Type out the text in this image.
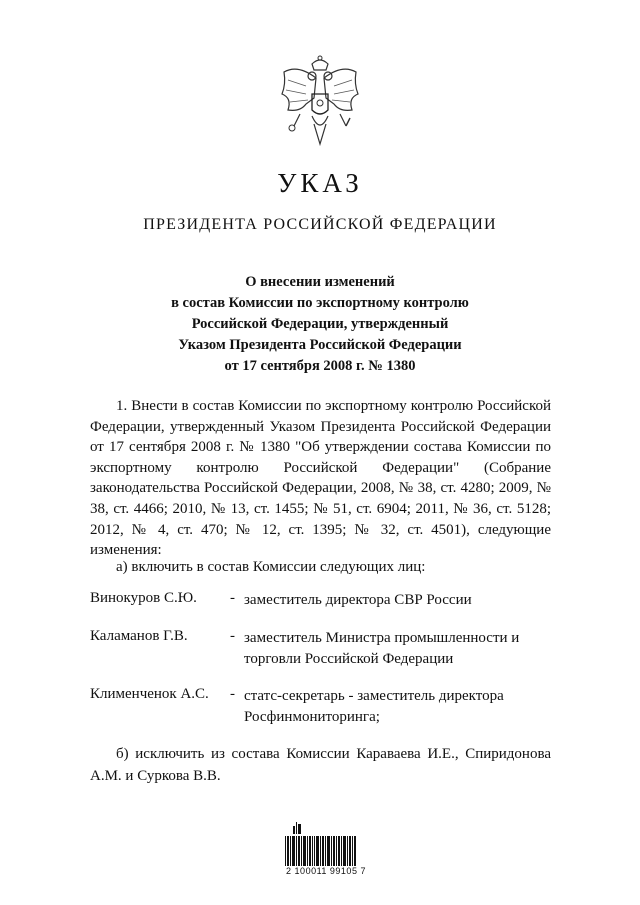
УКАЗ
ПРЕЗИДЕНТА РОССИЙСКОЙ ФЕДЕРАЦИИ
О внесении изменений
в состав Комиссии по экспортному контролю
Российской Федерации, утвержденный
Указом Президента Российской Федерации
от 17 сентября 2008 г. № 1380
1. Внести в состав Комиссии по экспортному контролю Российской Федерации, утвержденный Указом Президента Российской Федерации от 17 сентября 2008 г. № 1380 "Об утверждении состава Комиссии по экспортному контролю Российской Федерации" (Собрание законодательства Российской Федерации, 2008, № 38, ст. 4280; 2009, № 38, ст. 4466; 2010, № 13, ст. 1455; № 51, ст. 6904; 2011, № 36, ст. 5128; 2012, № 4, ст. 470; № 12, ст. 1395; № 32, ст. 4501), следующие изменения:
а) включить в состав Комиссии следующих лиц:
Винокуров С.Ю. - заместитель директора СВР России
Каламанов Г.В.	- заместитель Министра промышленности и торговли Российской Федерации
Клименченок А.С. - статс-секретарь - заместитель директора Росфинмониторинга;
б) исключить из состава Комиссии Караваева И.Е., Спиридонова А.М. и Суркова В.В.
2 100011 99105 7
